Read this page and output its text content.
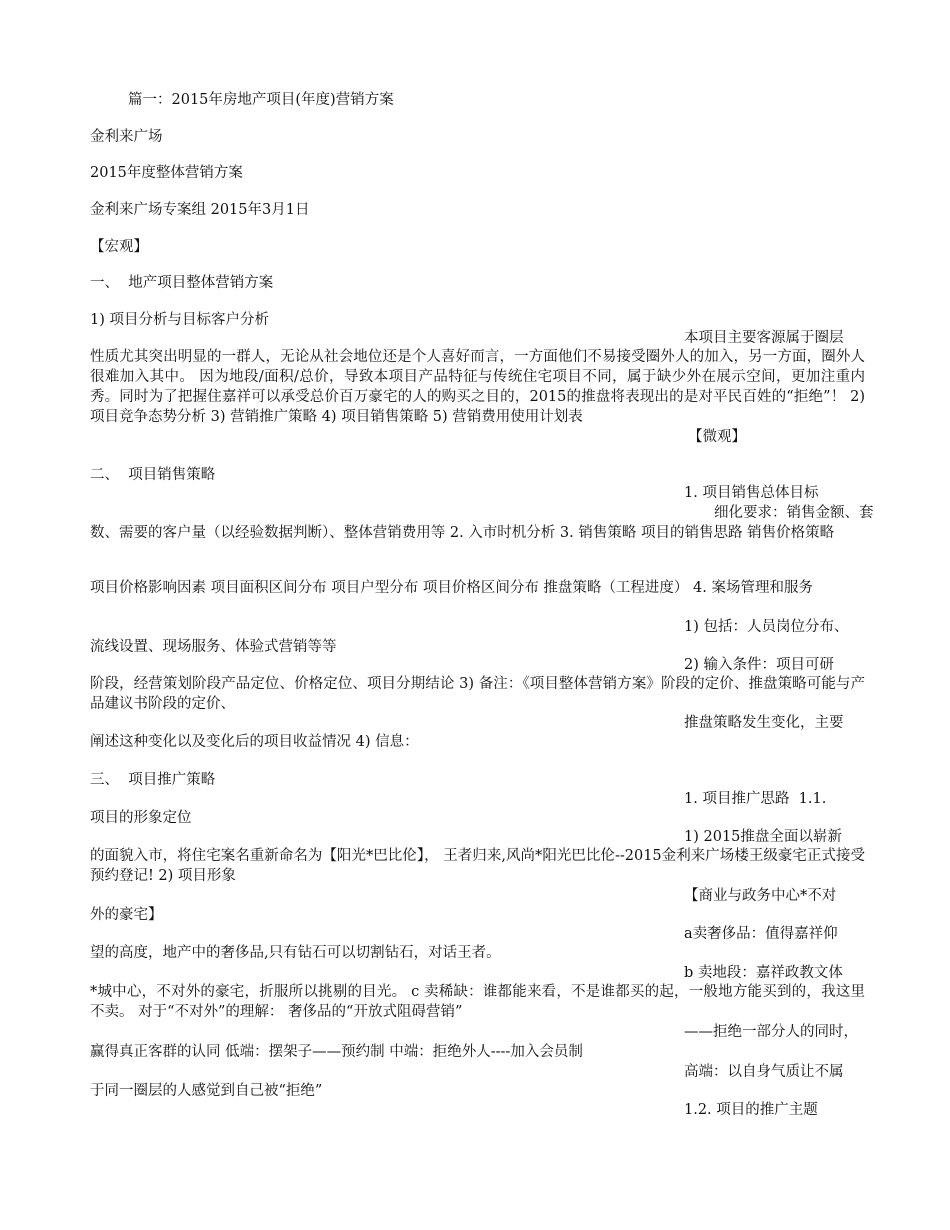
篇一：2015年房地产项目(年度)营销方案
金利来广场
2015年度整体营销方案
金利来广场专案组 2015年3月1日
【宏观】
一、  地产项目整体营销方案
1) 项目分析与目标客户分析
本项目主要客源属于圈层
性质尤其突出明显的一群人，无论从社会地位还是个人喜好而言，一方面他们不易接受圈外人的加入，另一方面，圈外人很难加入其中。 因为地段/面积/总价，导致本项目产品特征与传统住宅项目不同，属于缺少外在展示空间，更加注重内秀。同时为了把握住嘉祥可以承受总价百万豪宅的人的购买之目的，2015的推盘将表现出的是对平民百姓的“拒绝”！ 2) 项目竞争态势分析 3) 营销推广策略 4) 项目销售策略 5) 营销费用使用计划表
【微观】
二、  项目销售策略
1. 项目销售总体目标
细化要求：销售金额、套
数、需要的客户量（以经验数据判断）、整体营销费用等 2. 入市时机分析 3. 销售策略 项目的销售思路 销售价格策略
项目价格影响因素 项目面积区间分布 项目户型分布 项目价格区间分布 推盘策略（工程进度） 4. 案场管理和服务
1) 包括：人员岗位分布、
流线设置、现场服务、体验式营销等等
2) 输入条件：项目可研
阶段，经营策划阶段产品定位、价格定位、项目分期结论 3) 备注：《项目整体营销方案》阶段的定价、推盘策略可能与产品建议书阶段的定价、
推盘策略发生变化，主要
阐述这种变化以及变化后的项目收益情况 4) 信息：
三、  项目推广策略
1. 项目推广思路  1.1.
项目的形象定位
1) 2015推盘全面以崭新
的面貌入市，将住宅案名重新命名为【阳光*巴比伦】， 王者归来,风尚*阳光巴比伦--2015金利来广场楼王级豪宅正式接受预约登记! 2) 项目形象
【商业与政务中心*不对
外的豪宅】
a卖奢侈品：值得嘉祥仰
望的高度，地产中的奢侈品,只有钻石可以切割钻石，对话王者。
b 卖地段：嘉祥政教文体
*城中心，不对外的豪宅，折服所以挑剔的目光。 c 卖稀缺：谁都能来看，不是谁都买的起，一般地方能买到的，我这里不卖。 对于“不对外”的理解： 奢侈品的“开放式阻碍营销”
——拒绝一部分人的同时，
赢得真正客群的认同 低端：摆架子——预约制 中端：拒绝外人----加入会员制
高端：以自身气质让不属
于同一圈层的人感觉到自己被“拒绝”
1.2. 项目的推广主题
